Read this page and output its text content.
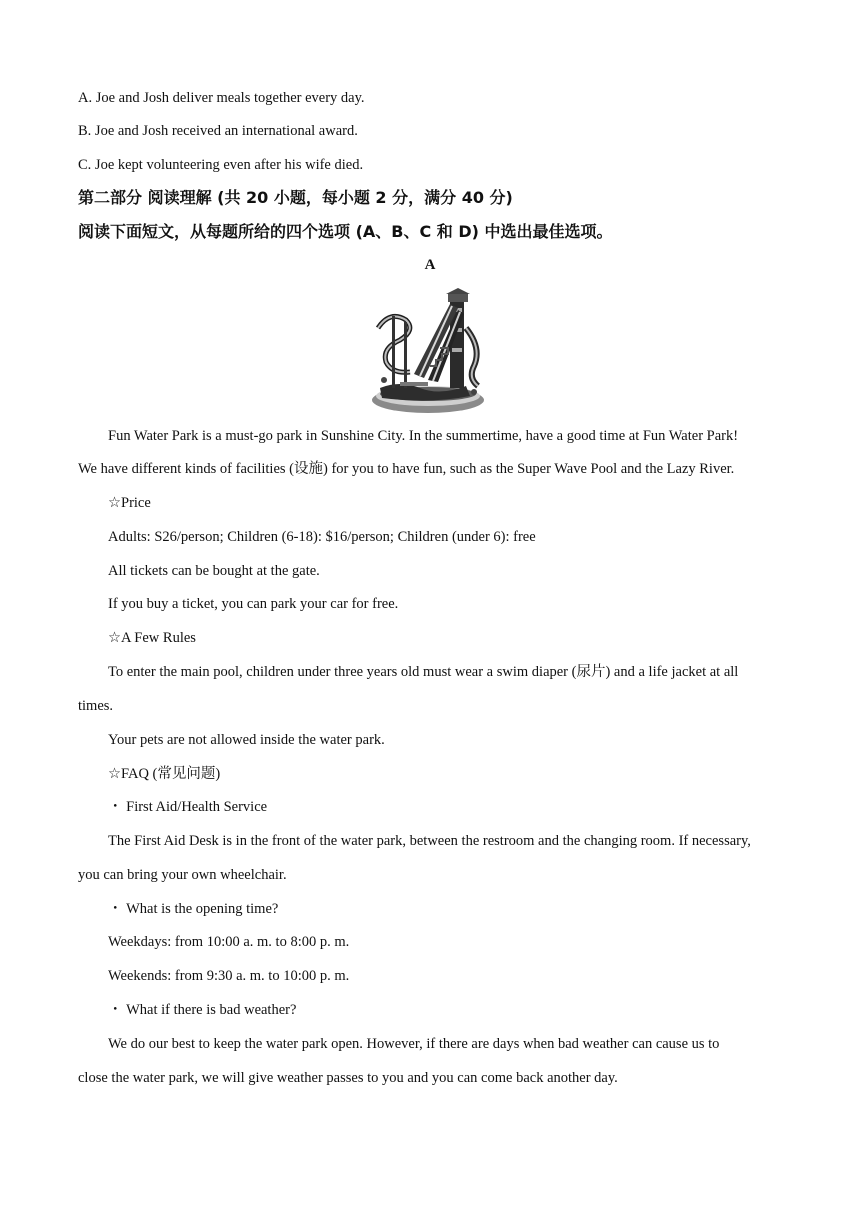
A. Joe and Josh deliver meals together every day.
B. Joe and Josh received an international award.
C. Joe kept volunteering even after his wife died.
第二部分 阅读理解 (共 20 小题，每小题 2 分，满分 40 分)
阅读下面短文，从每题所给的四个选项 (A、B、C 和 D) 中选出最佳选项。
A
Fun Water Park is a must-go park in Sunshine City. In the summertime, have a good time at Fun Water Park!
We have different kinds of facilities (设施) for you to have fun, such as the Super Wave Pool and the Lazy River.
☆Price
Adults: S26/person; Children (6-18): $16/person; Children (under 6): free
All tickets can be bought at the gate.
If you buy a ticket, you can park your car for free.
☆A Few Rules
To enter the main pool, children under three years old must wear a swim diaper (尿片) and a life jacket at all
times.
Your pets are not allowed inside the water park.
☆FAQ (常见问题)
・ First Aid/Health Service
The First Aid Desk is in the front of the water park, between the restroom and the changing room. If necessary,
you can bring your own wheelchair.
・ What is the opening time?
Weekdays: from 10:00 a. m. to 8:00 p. m.
Weekends: from 9:30 a. m. to 10:00 p. m.
・ What if there is bad weather?
We do our best to keep the water park open. However, if there are days when bad weather can cause us to
close the water park, we will give weather passes to you and you can come back another day.
